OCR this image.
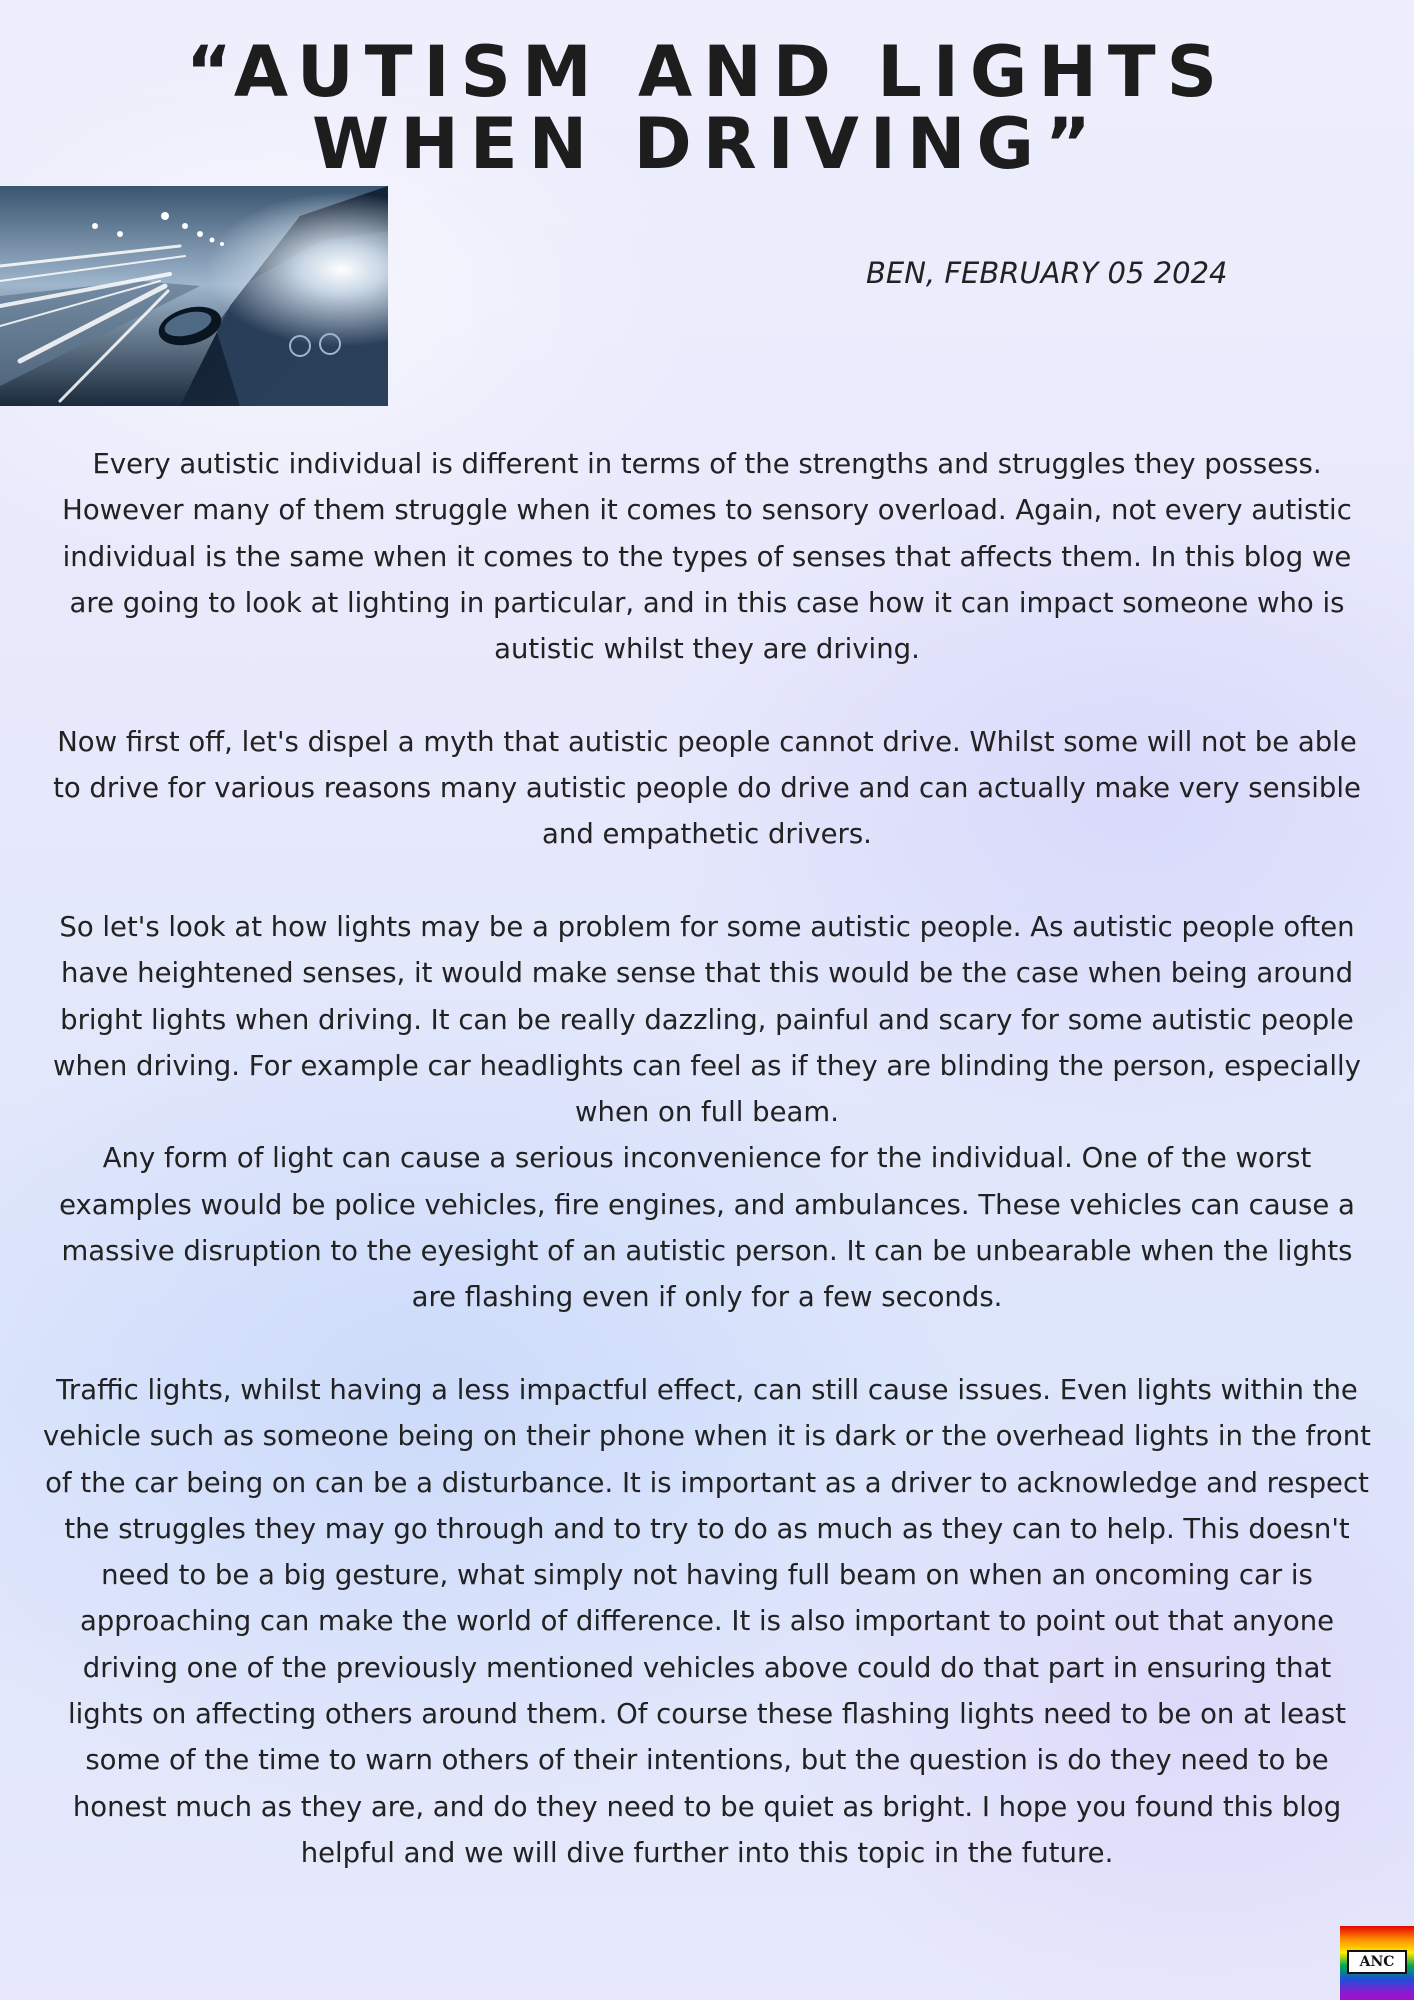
“AUTISM AND LIGHTS WHEN DRIVING”
BEN, FEBRUARY 05 2024

Every autistic individual is different in terms of the strengths and struggles they possess. However many of them struggle when it comes to sensory overload. Again, not every autistic individual is the same when it comes to the types of senses that affects them. In this blog we are going to look at lighting in particular, and in this case how it can impact someone who is autistic whilst they are driving.

Now first off, let's dispel a myth that autistic people cannot drive. Whilst some will not be able to drive for various reasons many autistic people do drive and can actually make very sensible and empathetic drivers.

So let's look at how lights may be a problem for some autistic people. As autistic people often have heightened senses, it would make sense that this would be the case when being around bright lights when driving. It can be really dazzling, painful and scary for some autistic people when driving. For example car headlights can feel as if they are blinding the person, especially when on full beam.

Any form of light can cause a serious inconvenience for the individual. One of the worst examples would be police vehicles, fire engines, and ambulances. These vehicles can cause a massive disruption to the eyesight of an autistic person. It can be unbearable when the lights are flashing even if only for a few seconds.

Traffic lights, whilst having a less impactful effect, can still cause issues. Even lights within the vehicle such as someone being on their phone when it is dark or the overhead lights in the front of the car being on can be a disturbance. It is important as a driver to acknowledge and respect the struggles they may go through and to try to do as much as they can to help. This doesn't need to be a big gesture, what simply not having full beam on when an oncoming car is approaching can make the world of difference. It is also important to point out that anyone driving one of the previously mentioned vehicles above could do that part in ensuring that lights on affecting others around them. Of course these flashing lights need to be on at least some of the time to warn others of their intentions, but the question is do they need to be honest much as they are, and do they need to be quiet as bright. I hope you found this blog helpful and we will dive further into this topic in the future.

ANC
